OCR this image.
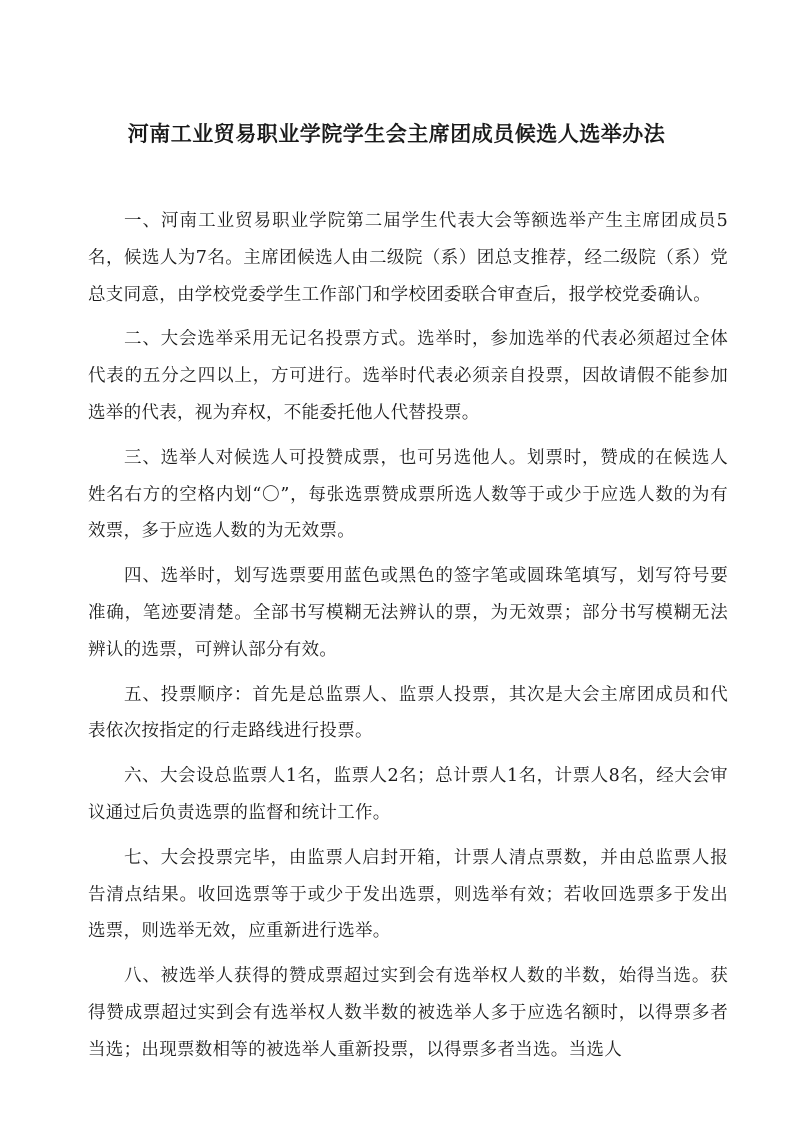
河南工业贸易职业学院学生会主席团成员候选人选举办法

一、河南工业贸易职业学院第二届学生代表大会等额选举产生主席团成员5名，候选人为7名。主席团候选人由二级院（系）团总支推荐，经二级院（系）党总支同意，由学校党委学生工作部门和学校团委联合审查后，报学校党委确认。

二、大会选举采用无记名投票方式。选举时，参加选举的代表必须超过全体代表的五分之四以上，方可进行。选举时代表必须亲自投票，因故请假不能参加选举的代表，视为弃权，不能委托他人代替投票。

三、选举人对候选人可投赞成票，也可另选他人。划票时，赞成的在候选人姓名右方的空格内划“〇”，每张选票赞成票所选人数等于或少于应选人数的为有效票，多于应选人数的为无效票。

四、选举时，划写选票要用蓝色或黑色的签字笔或圆珠笔填写，划写符号要准确，笔迹要清楚。全部书写模糊无法辨认的票，为无效票；部分书写模糊无法辨认的选票，可辨认部分有效。

五、投票顺序：首先是总监票人、监票人投票，其次是大会主席团成员和代表依次按指定的行走路线进行投票。

六、大会设总监票人1名，监票人2名；总计票人1名，计票人8名，经大会审议通过后负责选票的监督和统计工作。

七、大会投票完毕，由监票人启封开箱，计票人清点票数，并由总监票人报告清点结果。收回选票等于或少于发出选票，则选举有效；若收回选票多于发出选票，则选举无效，应重新进行选举。

八、被选举人获得的赞成票超过实到会有选举权人数的半数，始得当选。获得赞成票超过实到会有选举权人数半数的被选举人多于应选名额时，以得票多者当选；出现票数相等的被选举人重新投票，以得票多者当选。当选人
